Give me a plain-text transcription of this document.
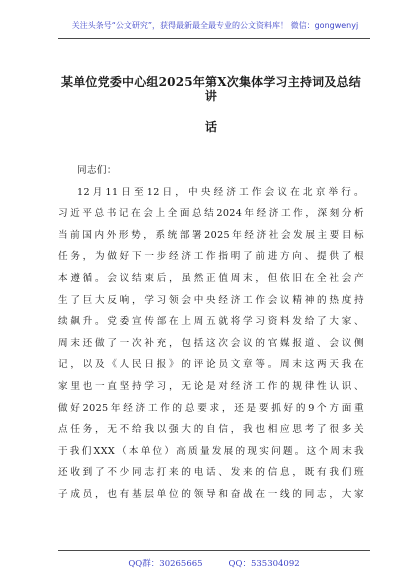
关注头条号“公文研究”，获得最新最全最专业的公文资料库！ 微信：gongwenyj
某单位党委中心组2025年第X次集体学习主持词及总结讲
话
同志们：
12月11日至12日，中央经济工作会议在北京举行。
习近平总书记在会上全面总结2024年经济工作，深刻分析
当前国内外形势，系统部署2025年经济社会发展主要目标
任务，为做好下一步经济工作指明了前进方向、提供了根
本遵循。会议结束后，虽然正值周末，但依旧在全社会产
生了巨大反响，学习领会中央经济工作会议精神的热度持
续飙升。党委宣传部在上周五就将学习资料发给了大家、
周末还做了一次补充，包括这次会议的官媒报道、会议侧
记，以及《人民日报》的评论员文章等。周末这两天我在
家里也一直坚持学习，无论是对经济工作的规律性认识、
做好2025年经济工作的总要求，还是要抓好的9个方面重
点任务，无不给我以强大的自信，我也相应思考了很多关
于我们XXX（本单位）高质量发展的现实问题。这个周末我
还收到了不少同志打来的电话、发来的信息，既有我们班
子成员，也有基层单位的领导和奋战在一线的同志，大家
QQ群：30265665	QQ：535304092
